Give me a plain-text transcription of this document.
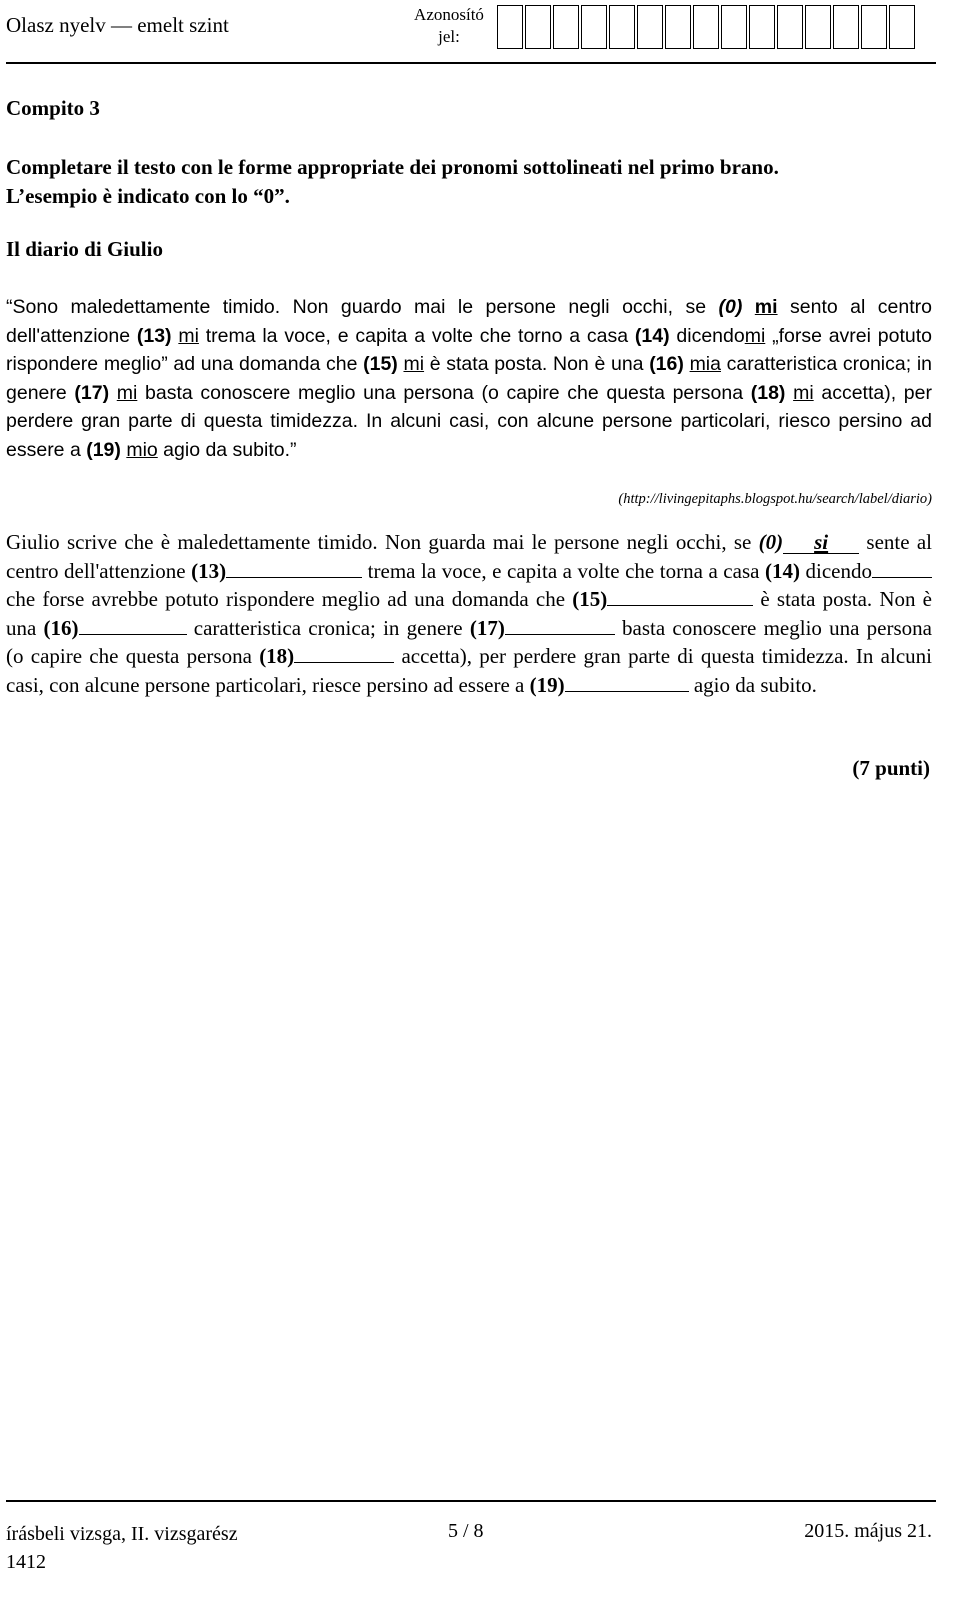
Olasz nyelv — emelt szint	Azonosító jel:
Compito 3
Completare il testo con le forme appropriate dei pronomi sottolineati nel primo brano.
L’esempio è indicato con lo “0”.
Il diario di Giulio
“Sono maledettamente timido. Non guardo mai le persone negli occhi, se (0) mi sento al centro dell'attenzione (13) mi trema la voce, e capita a volte che torno a casa (14) dicendomi „forse avrei potuto rispondere meglio” ad una domanda che (15) mi è stata posta. Non è una (16) mia caratteristica cronica; in genere (17) mi basta conoscere meglio una persona (o capire che questa persona (18) mi accetta), per perdere gran parte di questa timidezza. In alcuni casi, con alcune persone particolari, riesco persino ad essere a (19) mio agio da subito.”
(http://livingepitaphs.blogspot.hu/search/label/diario)
Giulio scrive che è maledettamente timido. Non guarda mai le persone negli occhi, se (0) si sente al centro dell'attenzione (13)	trema la voce, e capita a volte che torna a casa (14) dicendo che forse avrebbe potuto rispondere meglio ad una domanda che (15)	è stata posta. Non è una (16)	caratteristica cronica; in genere (17)	basta conoscere meglio una persona (o capire che questa persona (18)	accetta), per perdere gran parte di questa timidezza. In alcuni casi, con alcune persone particolari, riesce persino ad essere a (19)	agio da subito.
(7 punti)
írásbeli vizsga, II. vizsgarész
1412
5 / 8	2015. május 21.
